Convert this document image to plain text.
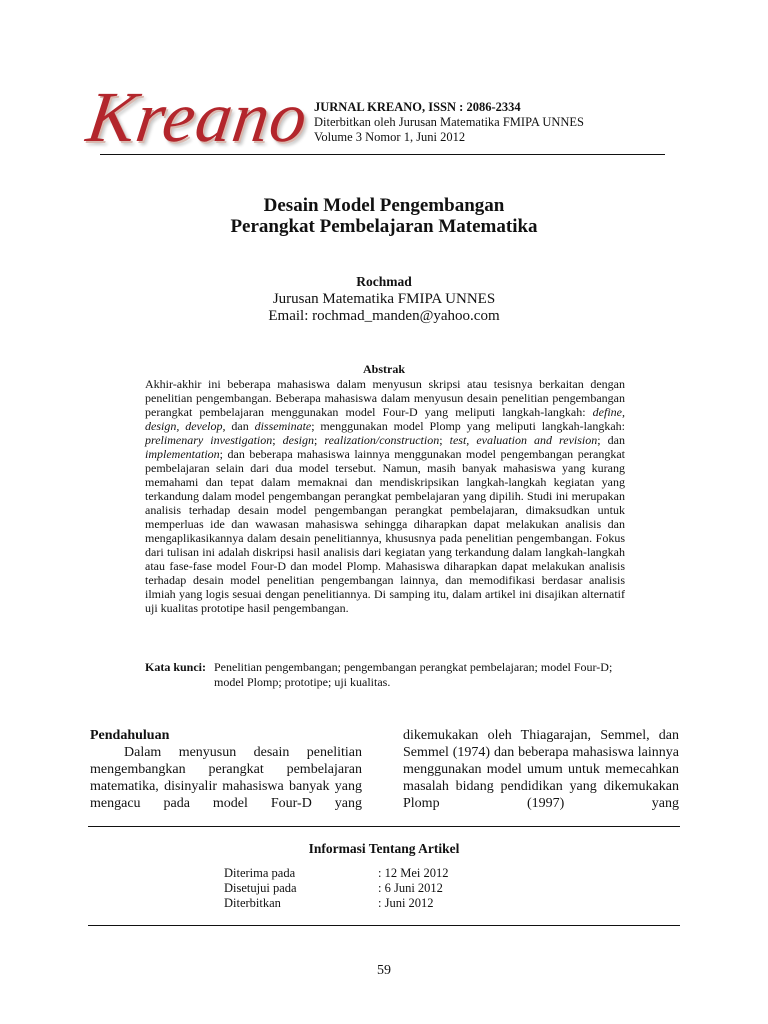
Kreano JURNAL KREANO, ISSN : 2086-2334
Diterbitkan oleh Jurusan Matematika FMIPA UNNES
Volume 3 Nomor 1, Juni 2012
Desain Model Pengembangan
Perangkat Pembelajaran Matematika
Rochmad
Jurusan Matematika FMIPA UNNES
Email: rochmad_manden@yahoo.com
Abstrak
Akhir-akhir ini beberapa mahasiswa dalam menyusun skripsi atau tesisnya berkaitan dengan penelitian pengembangan. Beberapa mahasiswa dalam menyusun desain penelitian pengembangan perangkat pembelajaran menggunakan model Four-D yang meliputi langkah-langkah: define, design, develop, dan disseminate; menggunakan model Plomp yang meliputi langkah-langkah: prelimenary investigation; design; realization/construction; test, evaluation and revision; dan implementation; dan beberapa mahasiswa lainnya menggunakan model pengembangan perangkat pembelajaran selain dari dua model tersebut. Namun, masih banyak mahasiswa yang kurang memahami dan tepat dalam memaknai dan mendiskripsikan langkah-langkah kegiatan yang terkandung dalam model pengembangan perangkat pembelajaran yang dipilih. Studi ini merupakan analisis terhadap desain model pengembangan perangkat pembelajaran, dimaksudkan untuk memperluas ide dan wawasan mahasiswa sehingga diharapkan dapat melakukan analisis dan mengaplikasikannya dalam desain penelitiannya, khususnya pada penelitian pengembangan. Fokus dari tulisan ini adalah diskripsi hasil analisis dari kegiatan yang terkandung dalam langkah-langkah atau fase-fase model Four-D dan model Plomp. Mahasiswa diharapkan dapat melakukan analisis terhadap desain model penelitian pengembangan lainnya, dan memodifikasi berdasar analisis ilmiah yang logis sesuai dengan penelitiannya. Di samping itu, dalam artikel ini disajikan alternatif uji kualitas prototipe hasil pengembangan.
Kata kunci: Penelitian pengembangan; pengembangan perangkat pembelajaran; model Four-D; model Plomp; prototipe; uji kualitas.
Pendahuluan
Dalam menyusun desain penelitian mengembangkan perangkat pembelajaran matematika, disinyalir mahasiswa banyak yang mengacu pada model Four-D yang
dikemukakan oleh Thiagarajan, Semmel, dan Semmel (1974) dan beberapa mahasiswa lainnya menggunakan model umum untuk memecahkan masalah bidang pendidikan yang dikemukakan Plomp (1997) yang
Informasi Tentang Artikel
Diterima pada	: 12 Mei 2012
Disetujui pada	: 6 Juni 2012
Diterbitkan	: Juni 2012
59
